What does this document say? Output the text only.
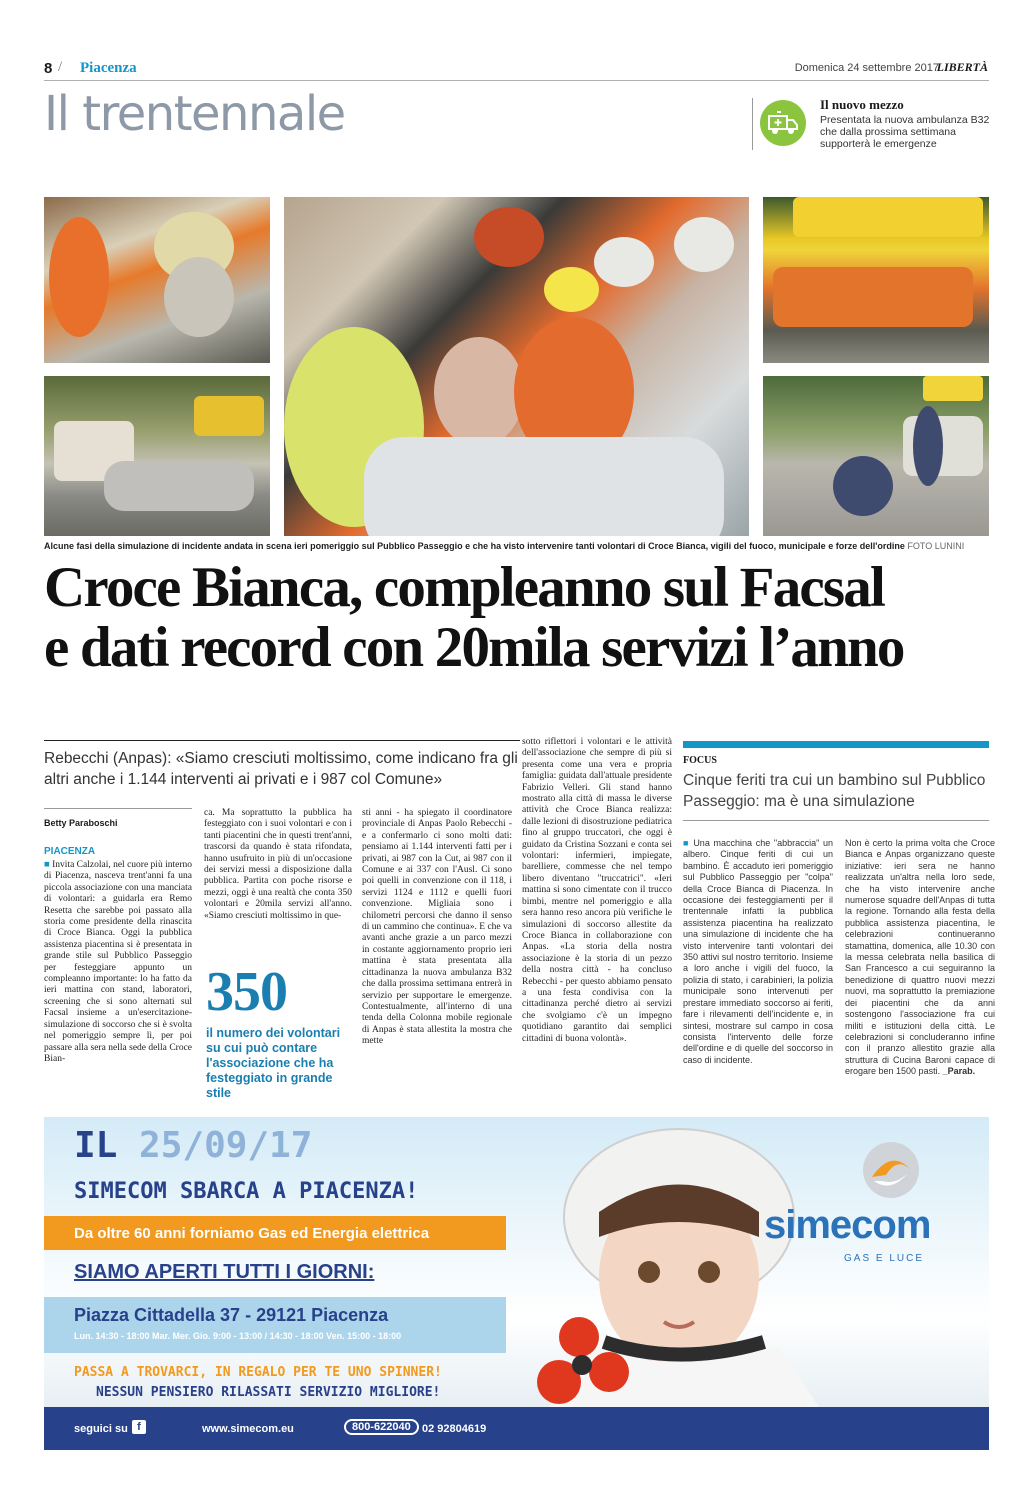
8 / Piacenza	Domenica 24 settembre 2017
LIBERTÀ
Il trentennale	Il nuovo mezzo
Presentata la nuova ambulanza B32 che dalla prossima settimana supporterà le emergenze
Alcune fasi della simulazione di incidente andata in scena ieri pomeriggio sul Pubblico Passeggio e che ha visto intervenire tanti volontari di Croce Bianca, vigili del fuoco, municipale e forze dell'ordine FOTO LUNINI
Croce Bianca, compleanno sul Facsal
e dati record con 20mila servizi l’anno
Rebecchi (Anpas): «Siamo cresciuti moltissimo, come indicano fra gli altri anche i 1.144 interventi ai privati e i 987 col Comune»
Betty Paraboschi
PIACENZA
■ Invita Calzolai, nel cuore più interno di Piacenza, nasceva trent'anni fa una piccola associazione con una manciata di volontari: a guidarla era Remo Resetta che sarebbe poi passato alla storia come presidente della rinascita di Croce Bianca. Oggi la pubblica assistenza piacentina si è presentata in grande stile sul Pubblico Passeggio per festeggiare appunto un compleanno importante: lo ha fatto da ieri mattina con stand, laboratori, screening che si sono alternati sul Facsal insieme a un'esercitazione-simulazione di soccorso che si è svolta nel pomeriggio sempre lì, per poi passare alla sera nella sede della Croce Bian-
ca. Ma soprattutto la pubblica ha festeggiato con i suoi volontari e con i tanti piacentini che in questi trent'anni, trascorsi da quando è stata rifondata, hanno usufruito in più di un'occasione dei servizi messi a disposizione dalla pubblica. Partita con poche risorse e mezzi, oggi è una realtà che conta 350 volontari e 20mila servizi all'anno. «Siamo cresciuti moltissimo in que-
sti anni - ha spiegato il coordinatore provinciale di Anpas Paolo Rebecchi - e a confermarlo ci sono molti dati: pensiamo ai 1.144 interventi fatti per i privati, ai 987 con la Cut, ai 987 con il Comune e ai 337 con l'Ausl. Ci sono poi quelli in convenzione con il 118, i servizi 1124 e 1112 e quelli fuori convenzione. Migliaia sono i chilometri percorsi che danno il senso di un cammino che continua». E che va avanti anche grazie a un parco mezzi in costante aggiornamento proprio ieri mattina è stata presentata alla cittadinanza la nuova ambulanza B32 che dalla prossima settimana entrerà in servizio per supportare le emergenze. Contestualmente, all'interno di una tenda della Colonna mobile regionale di Anpas è stata allestita la mostra che mette
sotto riflettori i volontari e le attività dell'associazione che sempre di più si presenta come una vera e propria famiglia: guidata dall'attuale presidente Fabrizio Velleri. Gli stand hanno mostrato alla città di massa le diverse attività che Croce Bianca realizza: dalle lezioni di disostruzione pediatrica fino al gruppo truccatori, che oggi è guidato da Cristina Sozzani e conta sei volontari: infermieri, impiegate, barelliere, commesse che nel tempo libero diventano "truccatrici". «Ieri mattina si sono cimentate con il trucco bimbi, mentre nel pomeriggio e alla sera hanno reso ancora più verifiche le simulazioni di soccorso allestite da Croce Bianca in collaborazione con Anpas. «La storia della nostra associazione è la storia di un pezzo della nostra città - ha concluso Rebecchi - per questo abbiamo pensato a una festa condivisa con la cittadinanza perché dietro ai servizi che svolgiamo c'è un impegno quotidiano garantito dai semplici cittadini di buona volontà».
350
il numero dei volontari su cui può contare l'associazione che ha festeggiato in grande stile
FOCUS
Cinque feriti tra cui un bambino sul Pubblico Passeggio: ma è una simulazione
■ Una macchina che "abbraccia" un albero. Cinque feriti di cui un bambino. È accaduto ieri pomeriggio sul Pubblico Passeggio per "colpa" della Croce Bianca di Piacenza. In occasione dei festeggiamenti per il trentennale infatti la pubblica assistenza piacentina ha realizzato una simulazione di incidente che ha visto intervenire tanti volontari dei 350 attivi sul nostro territorio. Insieme a loro anche i vigili del fuoco, la polizia di stato, i carabinieri, la polizia municipale sono intervenuti per prestare immediato soccorso ai feriti, fare i rilevamenti dell'incidente e, in sintesi, mostrare sul campo in cosa consista l'intervento delle forze dell'ordine e di quelle del soccorso in caso di incidente.
Non è certo la prima volta che Croce Bianca e Anpas organizzano queste iniziative: ieri sera ne hanno realizzata un'altra nella loro sede, che ha visto intervenire anche numerose squadre dell'Anpas di tutta la regione. Tornando alla festa della pubblica assistenza piacentina, le celebrazioni continueranno stamattina, domenica, alle 10.30 con la messa celebrata nella basilica di San Francesco a cui seguiranno la benedizione di quattro nuovi mezzi nuovi, ma soprattutto la premiazione dei piacentini che da anni sostengono l'associazione fra cui militi e istituzioni della città. Le celebrazioni si concluderanno infine con il pranzo allestito grazie alla struttura di Cucina Baroni capace di erogare ben 1500 pasti. _Parab.
IL 25/09/17
SIMECOM SBARCA A PIACENZA!
Da oltre 60 anni forniamo Gas ed Energia elettrica
SIAMO APERTI TUTTI I GIORNI:
Piazza Cittadella 37 - 29121 Piacenza
Lun. 14:30 - 18:00 Mar. Mer. Gio. 9:00 - 13:00 / 14:30 - 18:00 Ven. 15:00 - 18:00
PASSA A TROVARCI, IN REGALO PER TE UNO SPINNER!
NESSUN PENSIERO RILASSATI SERVIZIO MIGLIORE!
simecom
GAS E LUCE
seguici su f	www.simecom.eu	800-622040	02 92804619
